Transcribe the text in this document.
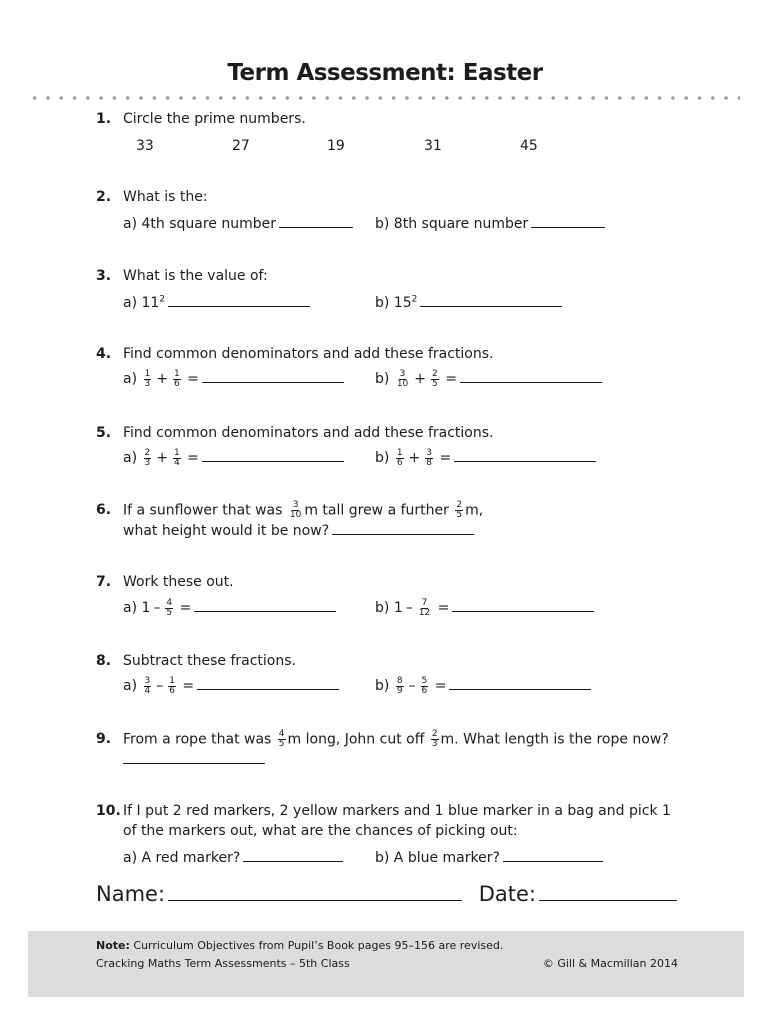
Term Assessment: Easter
1. Circle the prime numbers.
33	27	19	31	45
2. What is the:
a) 4th square number	b) 8th square number
3. What is the value of:
a) $11^2$	b) $15^2$
4. Find common denominators and add these fractions.
$a) \frac{1}{3} + \frac{1}{6}$ =	$b) \frac{3}{10} + \frac{2}{5}$ =
5. Find common denominators and add these fractions.
$a) \frac{2}{3} + \frac{1}{4}$ =	$b) \frac{1}{6} + \frac{3}{8}$ =
6. If a sunflower that was $\frac{3}{10}$ m tall grew a further $\frac{2}{5} m$,
what height would it be now?
7. Work these out.
a) $1 - \frac{4}{5}$ =	b) $1 - \frac{7}{12}$ =
8. Subtract these fractions.
$a) \frac{3}{4} - \frac{1}{6}$ =	$b) \frac{8}{9} - \frac{5}{6}$ =
9. From a rope that was $\frac{4}{5}$ m long, John cut off $\frac{2}{3} m$. What length is the rope now?
10. If I put 2 red markers, 2 yellow markers and 1 blue marker in a bag and pick 1
of the markers out, what are the chances of picking out:
a) A red marker?	b) A blue marker?
Name:	Date:
Note: Curriculum Objectives from Pupil’s Book pages 95–156 are revised.
Cracking Maths Term Assessments – 5th Class	© Gill & Macmillan 2014
